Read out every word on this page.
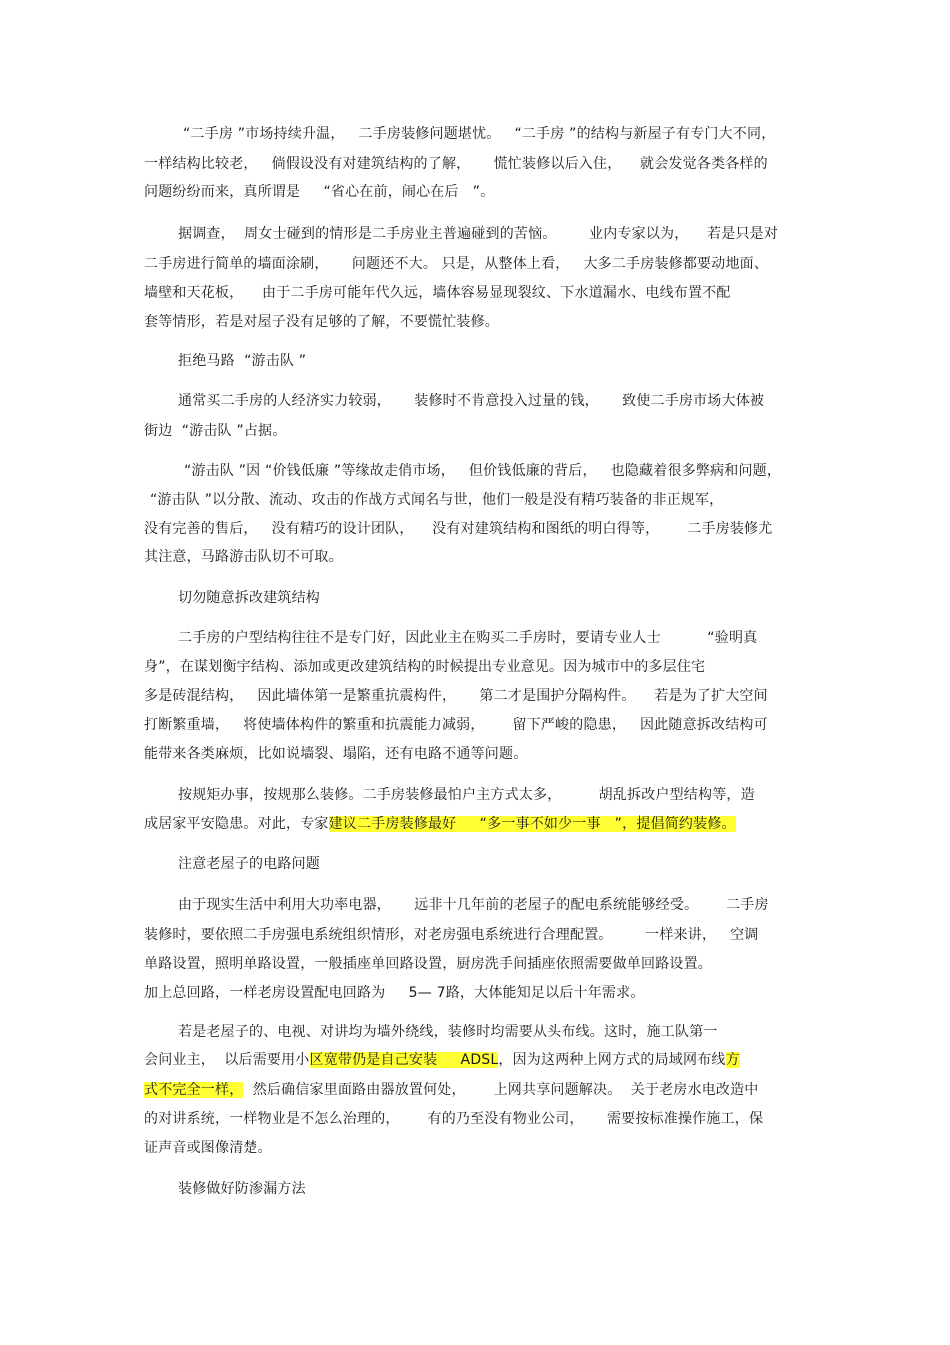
“二手房 ”市场持续升温，   二手房装修问题堪忧。   “二手房 ”的结构与新屋子有专门大不同，
一样结构比较老，   倘假设没有对建筑结构的了解，     慌忙装修以后入住，    就会发觉各类各样的
问题纷纷而来，真所谓是     “省心在前，闹心在后   ”。
据调查，  周女士碰到的情形是二手房业主普遍碰到的苦恼。       业内专家以为，    若是只是对
二手房进行简单的墙面涂刷，     问题还不大。 只是，从整体上看，   大多二手房装修都要动地面、
墙壁和天花板，    由于二手房可能年代久远，墙体容易显现裂纹、下水道漏水、电线布置不配
套等情形，若是对屋子没有足够的了解，不要慌忙装修。
拒绝马路  “游击队 ”
通常买二手房的人经济实力较弱，     装修时不肯意投入过量的钱，     致使二手房市场大体被
街边  “游击队 ”占据。
“游击队 ”因 “价钱低廉 ”等缘故走俏市场，   但价钱低廉的背后，   也隐藏着很多弊病和问题，
“游击队 ”以分散、流动、攻击的作战方式闻名与世，他们一般是没有精巧装备的非正规军，
没有完善的售后，   没有精巧的设计团队，    没有对建筑结构和图纸的明白得等，      二手房装修尤
其注意，马路游击队切不可取。
切勿随意拆改建筑结构
二手房的户型结构往往不是专门好，因此业主在购买二手房时，要请专业人士          “验明真
身”，在谋划衡宇结构、添加或更改建筑结构的时候提出专业意见。因为城市中的多层住宅
多是砖混结构，   因此墙体第一是繁重抗震构件，     第二才是围护分隔构件。    若是为了扩大空间
打断繁重墙，   将使墙体构件的繁重和抗震能力减弱，      留下严峻的隐患，   因此随意拆改结构可
能带来各类麻烦，比如说墙裂、塌陷，还有电路不通等问题。
按规矩办事，按规那么装修。二手房装修最怕户主方式太多，        胡乱拆改户型结构等，造
成居家平安隐患。对此，专家建议二手房装修最好     “多一事不如少一事   ”，提倡简约装修。
注意老屋子的电路问题
由于现实生活中利用大功率电器，     远非十几年前的老屋子的配电系统能够经受。      二手房
装修时，要依照二手房强电系统组织情形，对老房强电系统进行合理配置。       一样来讲，   空调
单路设置，照明单路设置，一般插座单回路设置，厨房洗手间插座依照需要做单回路设置。
加上总回路，一样老房设置配电回路为     5— 7路，大体能知足以后十年需求。
若是老屋子的、电视、对讲均为墙外绕线，装修时均需要从头布线。这时，施工队第一
会问业主，  以后需要用小区宽带仍是自己安装     ADSL，因为这两种上网方式的局域网布线方
式不完全一样，  然后确信家里面路由器放置何处，      上网共享问题解决。  关于老房水电改造中
的对讲系统，一样物业是不怎么治理的，      有的乃至没有物业公司，     需要按标准操作施工，保
证声音或图像清楚。
装修做好防渗漏方法
